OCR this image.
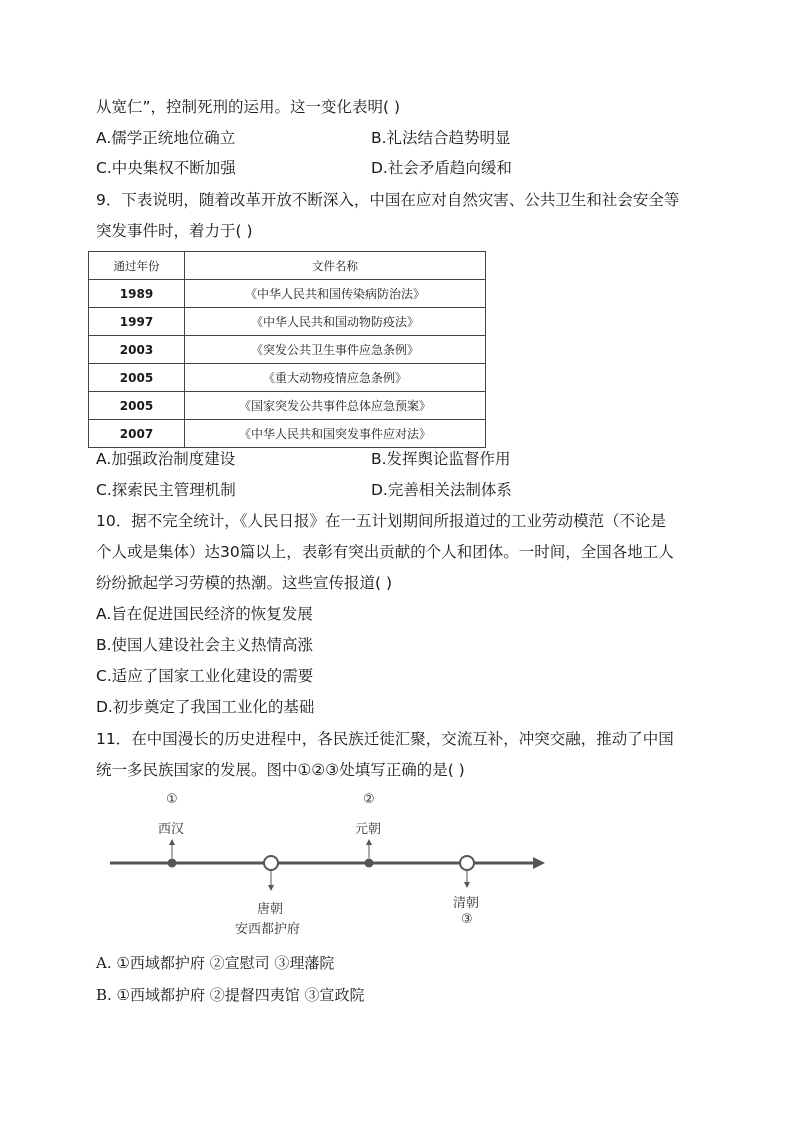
从宽仁”，控制死刑的运用。这一变化表明( )
A.儒学正统地位确立	B.礼法结合趋势明显
C.中央集权不断加强	D.社会矛盾趋向缓和
9．下表说明，随着改革开放不断深入，中国在应对自然灾害、公共卫生和社会安全等
突发事件时，着力于( )
通过年份	文件名称
1989	《中华人民共和国传染病防治法》
1997	《中华人民共和国动物防疫法》
2003	《突发公共卫生事件应急条例》
2005	《重大动物疫情应急条例》
2005	《国家突发公共事件总体应急预案》
2007	《中华人民共和国突发事件应对法》
A.加强政治制度建设	B.发挥舆论监督作用
C.探索民主管理机制	D.完善相关法制体系
10．据不完全统计，《人民日报》在一五计划期间所报道过的工业劳动模范（不论是
个人或是集体）达30篇以上，表彰有突出贡献的个人和团体。一时间，全国各地工人
纷纷掀起学习劳模的热潮。这些宣传报道( )
A.旨在促进国民经济的恢复发展
B.使国人建设社会主义热情高涨
C.适应了国家工业化建设的需要
D.初步奠定了我国工业化的基础
11．在中国漫长的历史进程中，各民族迁徙汇聚，交流互补，冲突交融，推动了中国
统一多民族国家的发展。图中①②③处填写正确的是( )
①
西汉
②
元朝
唐朝
安西都护府
清朝
③
A. ①西域都护府 ②宣慰司 ③理藩院
B. ①西域都护府 ②提督四夷馆 ③宣政院
